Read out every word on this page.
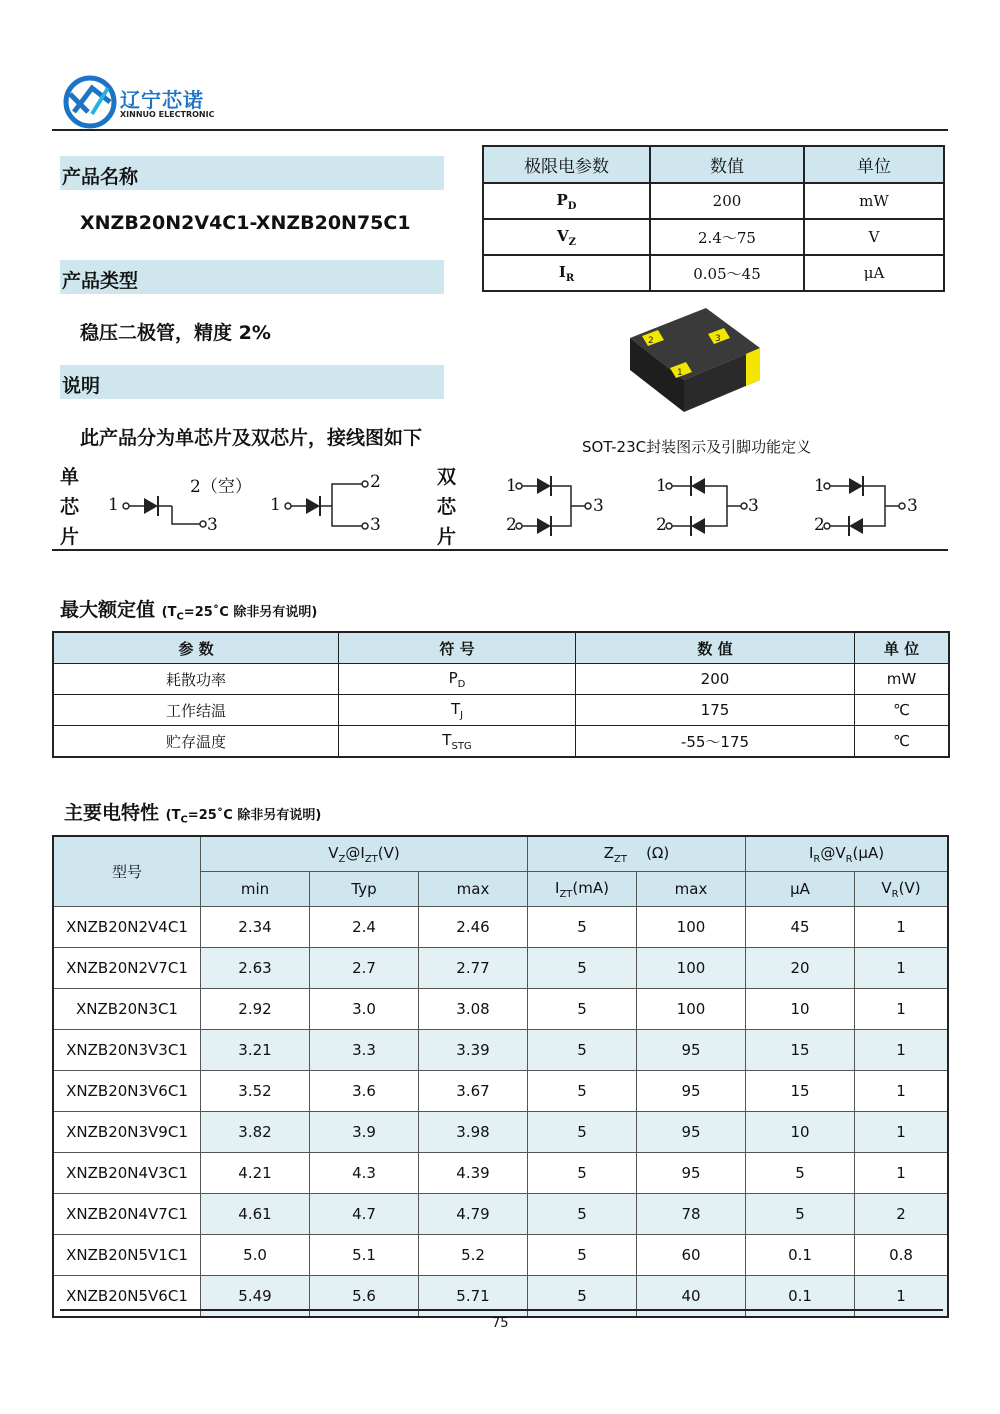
辽宁芯诺
XINNUO ELECTRONIC
产品名称
XNZB20N2V4C1-XNZB20N75C1
产品类型
稳压二极管，精度 2%
说明
此产品分为单芯片及双芯片，接线图如下
极限电参数	数值	单位
$P_D$	200	mW
$V_Z$	2.4～75	V
$I_R$	0.05～45	μA
2	3
1
SOT-23C封装图示及引脚功能定义
单
芯
片
1
2（空）
3
1
2
3
双
芯
片
1
2
3
1
2
3
1
2
3
最大额定值 ($T_C=25˚C$ 除非另有说明)
参 数	符 号	数 值	单 位
耗散功率	$P_D$	200	mW
工作结温	$T_J$	175	℃
贮存温度	$T_{STG}$	-55～175	℃
主要电特性 ($T_C=25˚C$ 除非另有说明)
型号	$V_Z@I_{ZT}(V)$			$Z_{ZT}$    (Ω)		$I_R@V_R(\mu A)$	
	min	Typ	max	$I_{ZT}(mA)$	max	μA	$V_R(V)$
XNZB20N2V4C1	2.34	2.4	2.46	5	100	45	1
XNZB20N2V7C1	2.63	2.7	2.77	5	100	20	1
XNZB20N3C1	2.92	3.0	3.08	5	100	10	1
XNZB20N3V3C1	3.21	3.3	3.39	5	95	15	1
XNZB20N3V6C1	3.52	3.6	3.67	5	95	15	1
XNZB20N3V9C1	3.82	3.9	3.98	5	95	10	1
XNZB20N4V3C1	4.21	4.3	4.39	5	95	5	1
XNZB20N4V7C1	4.61	4.7	4.79	5	78	5	2
XNZB20N5V1C1	5.0	5.1	5.2	5	60	0.1	0.8
XNZB20N5V6C1	5.49	5.6	5.71	5	40	0.1	1
75
